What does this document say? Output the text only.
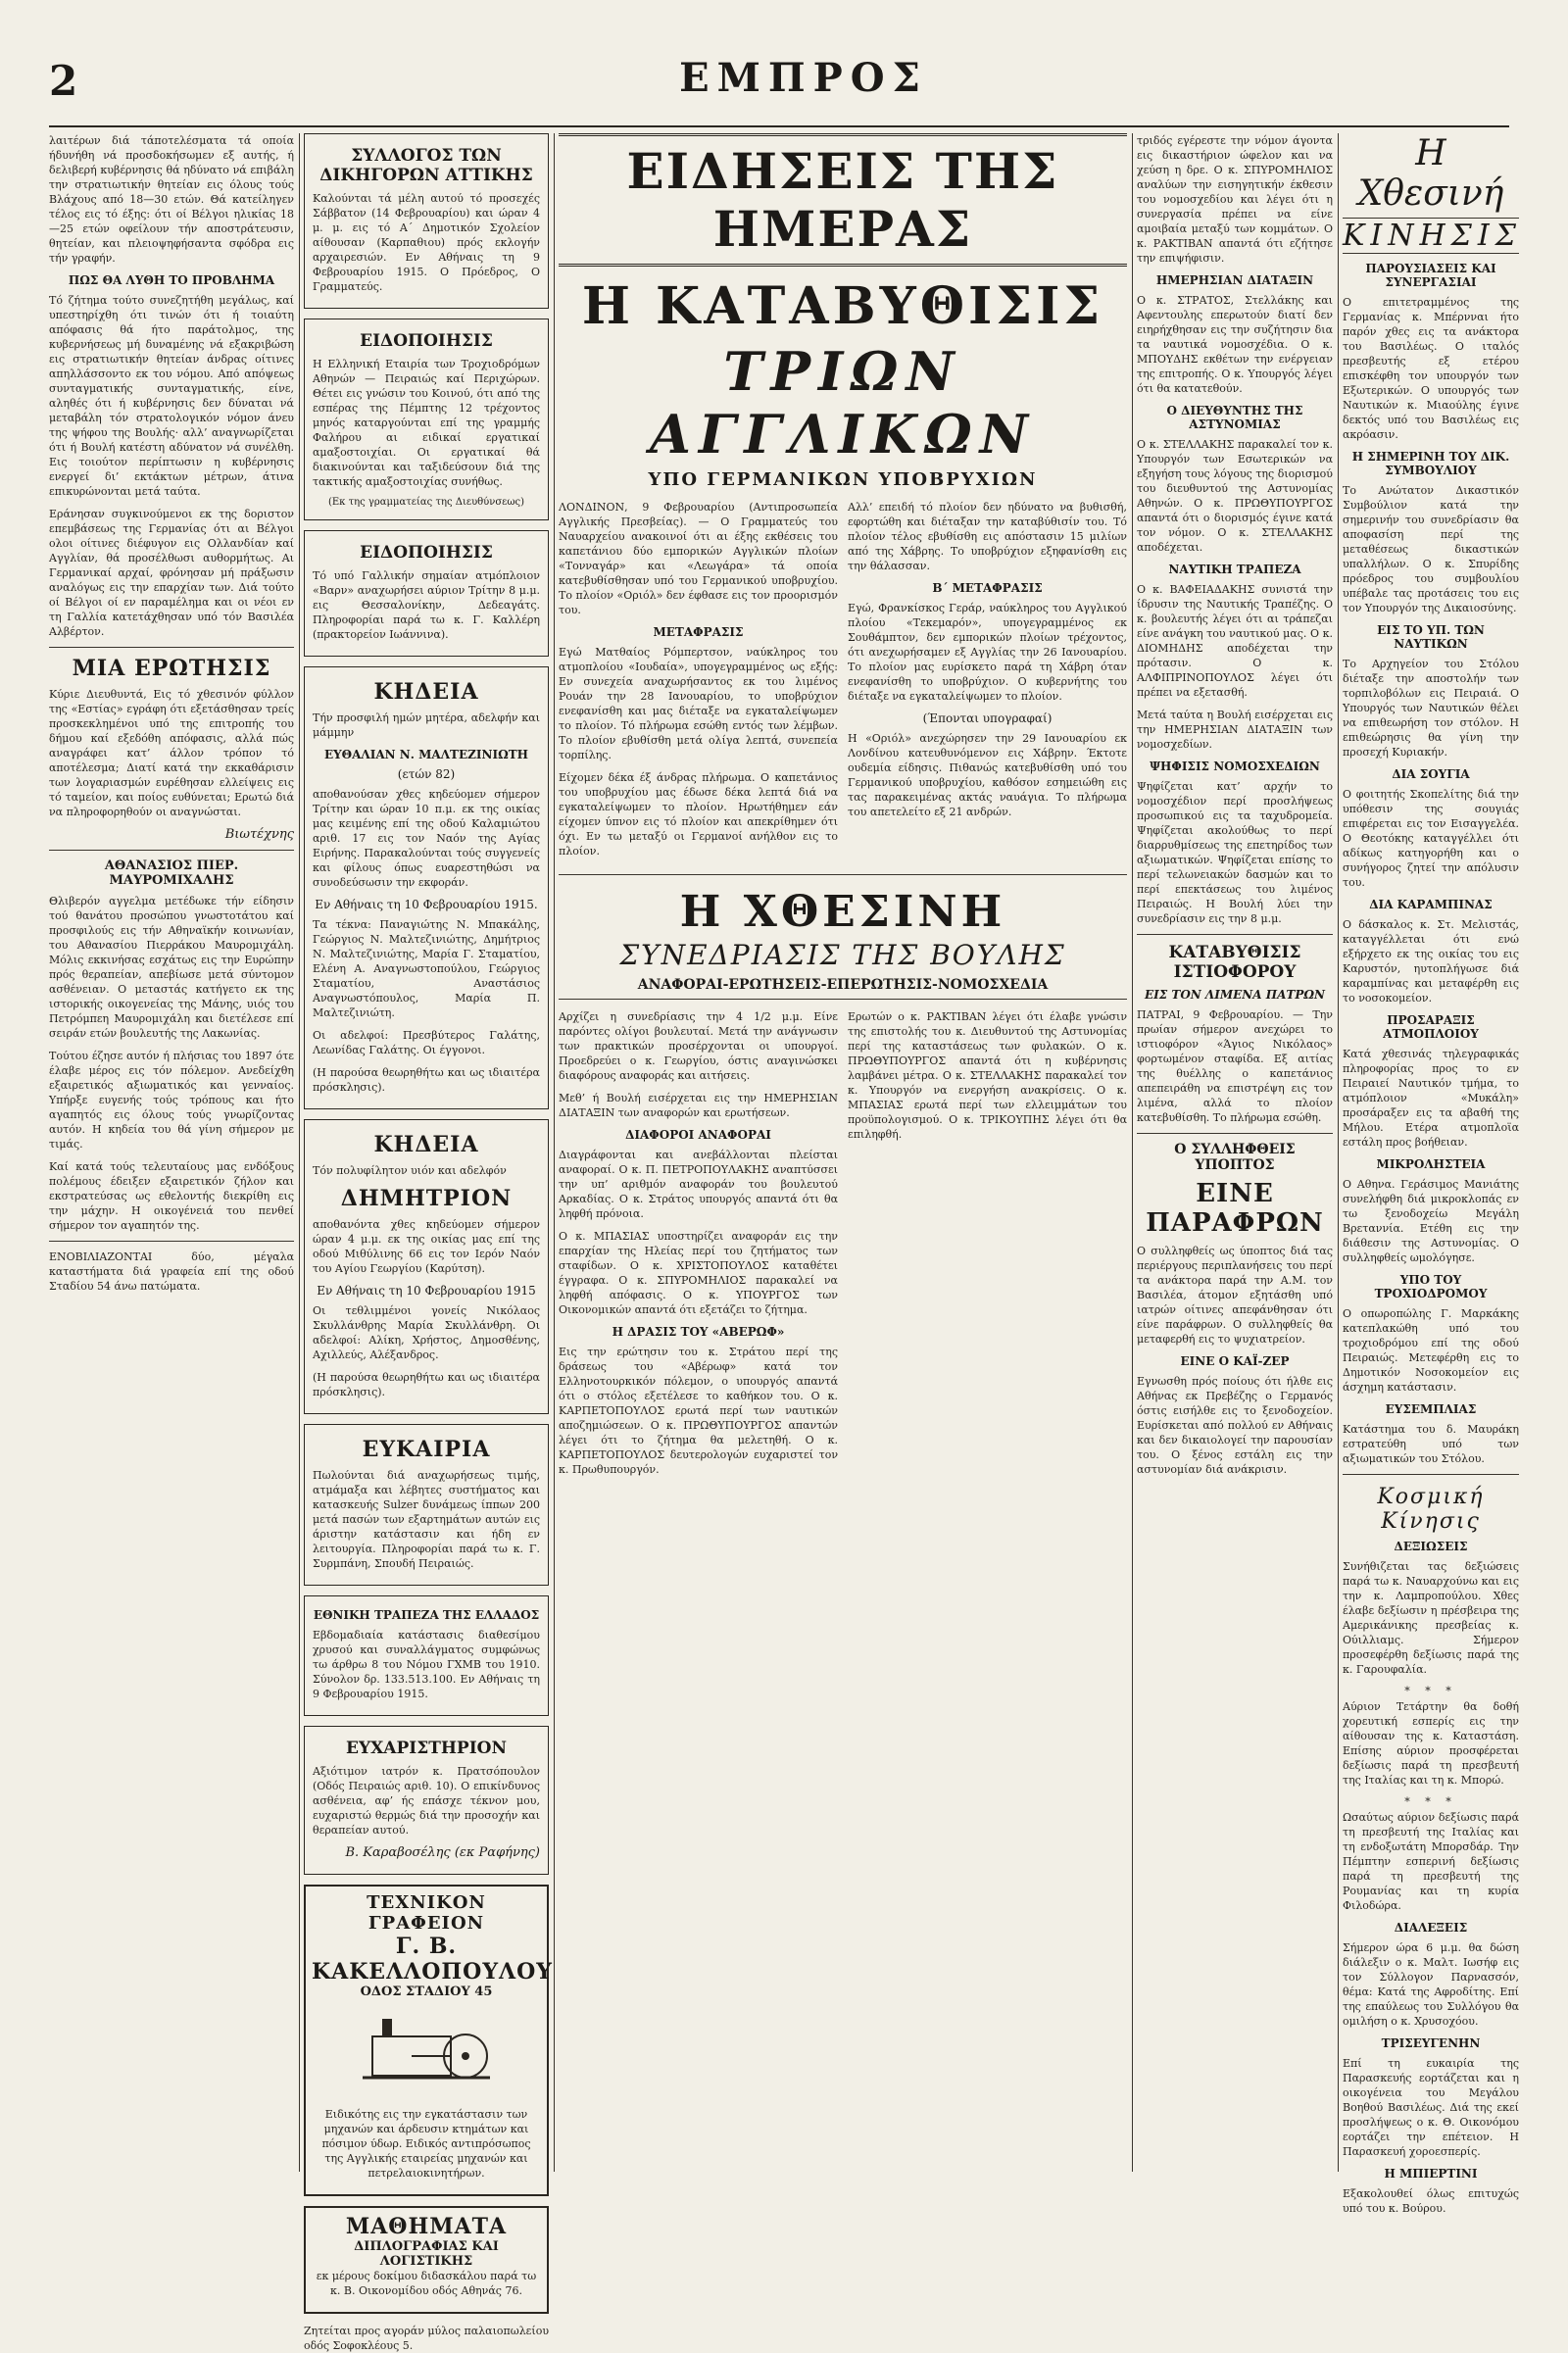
2	ΕΜΠΡΟΣ

λαιτέρων διά τάποτελέσματα τά οποία ήδυνήθη νά προσδοκήσωμεν εξ αυτής, ή δελιβερή κυβέρνησις θά ηδύνατο νά επιβάλη την στρατιωτικήν θητείαν εις όλους τούς Βλάχους από 18—30 ετών. Θά κατείληγεν τέλος εις τό έξης: ότι οί Βέλγοι ηλικίας 18—25 ετών οφείλουν τήν αποστράτευσιν, θητείαν, και πλειοψηφήσαντα σφόδρα εις τήν γραφήν.

ΠΩΣ ΘΑ ΛΥΘΗ ΤΟ ΠΡΟΒΛΗΜΑ

Τό ζήτημα τούτο συνεζητήθη μεγάλως, καί υπεστηρίχθη ότι τινών ότι ή τοιαύτη απόφασις θά ήτο παράτολμος, της κυβερνήσεως μή δυναμένης νά εξακριβώση εις στρατιωτικήν θητείαν άνδρας οίτινες απηλλάσσοντο εκ του νόμου. Από απόψεως συνταγματικής συνταγματικής, είνε, αληθές ότι ή κυβέρνησις δεν δύναται νά μεταβάλη τόν στρατολογικόν νόμον άνευ της ψήφου της Βουλής· αλλ’ αναγνωρίζεται ότι ή Βουλή κατέστη αδύνατον νά συνέλθη. Εις τοιούτον περίπτωσιν η κυβέρνησις ενεργεί δι’ εκτάκτων μέτρων, άτινα επικυρώνονται μετά ταύτα.

Εράνησαν συγκινούμενοι εκ της δοριστον επεμβάσεως της Γερμανίας ότι αι Βέλγοι ολοι οίτινες διέφυγον εις Ολλανδίαν καί Αγγλίαν, θά προσέλθωσι αυθορμήτως. Αι Γερμανικαί αρχαί, φρόνησαν μή πράξωσιν αναλόγως εις την επαρχίαν των. Διά τούτο οί Βέλγοι οί εν παραμέλημα και οι νέοι εν τη Γαλλία κατετάχθησαν υπό τόν Βασιλέα Αλβέρτον.

ΜΙΑ ΕΡΩΤΗΣΙΣ

Κύριε Διευθυντά, Εις τό χθεσινόν φύλλον της «Εστίας» εγράφη ότι εξετάσθησαν τρείς προσκεκλημένοι υπό της επιτροπής του δήμου καί εξεδόθη απόφασις, αλλά πώς αναγράφει κατ’ άλλον τρόπον τό αποτέλεσμα; Διατί κατά την εκκαθάρισιν των λογαριασμών ευρέθησαν ελλείψεις εις τό ταμείον, και ποίος ευθύνεται; Ερωτώ διά να πληροφορηθούν οι αναγνώσται.

Βιωτέχνης
ΑΘΑΝΑΣΙΟΣ ΠΙΕΡ. ΜΑΥΡΟΜΙΧΑΛΗΣ

Θλιβερόν αγγελμα μετέδωκε τήν είδησιν τού θανάτου προσώπου γνωστοτάτου καί προσφιλούς εις τήν Αθηναϊκήν κοινωνίαν, του Αθανασίου Πιερράκου Μαυρομιχάλη. Μόλις εκκινήσας εσχάτως εις την Ευρώπην πρός θεραπείαν, απεβίωσε μετά σύντομον ασθένειαν. Ο μεταστάς κατήγετο εκ της ιστορικής οικογενείας της Μάνης, υιός του Πετρόμπεη Μαυρομιχάλη και διετέλεσε επί σειράν ετών βουλευτής της Λακωνίας.

Τούτου έζησε αυτόν ή πλήσιας του 1897 ότε έλαβε μέρος εις τόν πόλεμον. Ανεδείχθη εξαιρετικός αξιωματικός και γενναίος. Υπήρξε ευγενής τούς τρόπους και ήτο αγαπητός εις όλους τούς γνωρίζοντας αυτόν. Η κηδεία του θά γίνη σήμερον με τιμάς.

Καί κατά τούς τελευταίους μας ενδόξους πολέμους έδειξεν εξαιρετικόν ζήλον και εκστρατεύσας ως εθελοντής διεκρίθη εις την μάχην. Η οικογένειά του πενθεί σήμερον τον αγαπητόν της.

ΕΝΟΒΙΛΙΑΖΟΝΤΑΙ δύο, μέγαλα καταστήματα διά γραφεία επί της οδού Σταδίου 54 άνω πατώματα.

ΣΥΛΛΟΓΟΣ ΤΩΝ ΔΙΚΗΓΟΡΩΝ ΑΤΤΙΚΗΣ

Καλούνται τά μέλη αυτού τό προσεχές Σάββατον (14 Φεβρουαρίου) και ώραν 4 μ. μ. εις τό Α΄ Δημοτικόν Σχολείον αίθουσαν (Καρπαθιου) πρός εκλογήν αρχαιρεσιών. Εν Αθήναις τη 9 Φεβρουαρίου 1915. Ο Πρόεδρος, Ο Γραμματεύς.

ΕΙΔΟΠΟΙΗΣΙΣ

Η Ελληνική Εταιρία των Τροχιοδρόμων Αθηνών — Πειραιώς καί Περιχώρων. Θέτει εις γνώσιν του Κοινού, ότι από της εσπέρας της Πέμπτης 12 τρέχοντος μηνός καταργούνται επί της γραμμής Φαλήρου αι ειδικαί εργατικαί αμαξοστοιχίαι. Οι εργατικαί θά διακινούνται και ταξιδεύσουν διά της τακτικής αμαξοστοιχίας συνήθως.

(Εκ της γραμματείας της Διευθύνσεως)
ΕΙΔΟΠΟΙΗΣΙΣ

Τό υπό Γαλλικήν σημαίαν ατμόπλοιον «Βαρν» αναχωρήσει αύριον Τρίτην 8 μ.μ. εις Θεσσαλονίκην, Δεδεαγάτς. Πληροφορίαι παρά τω κ. Γ. Καλλέρη (πρακτορείον Ιωάννινα).

ΚΗΔΕΙΑ

Τήν προσφιλή ημών μητέρα, αδελφήν και μάμμην

ΕΥΘΑΛΙΑΝ Ν. ΜΑΛΤΕΖΙΝΙΩΤΗ
(ετών 82)

αποθανούσαν χθες κηδεύομεν σήμερον Τρίτην και ώραν 10 π.μ. εκ της οικίας μας κειμένης επί της οδού Καλαμιώτου αριθ. 17 εις τον Ναόν της Αγίας Ειρήνης. Παρακαλούνται τούς συγγενείς και φίλους όπως ευαρεστηθώσι να συνοδεύσωσιν την εκφοράν.

Εν Αθήναις τη 10 Φεβρουαρίου 1915.

Τα τέκνα: Παναγιώτης Ν. Μπακάλης, Γεώργιος Ν. Μαλτεζινιώτης, Δημήτριος Ν. Μαλτεζινιώτης, Μαρία Γ. Σταματίου, Ελένη Α. Αναγνωστοπούλου, Γεώργιος Σταματίου, Αναστάσιος Αναγνωστόπουλος, Μαρία Π. Μαλτεζινιώτη.

Οι αδελφοί: Πρεσβύτερος Γαλάτης, Λεωνίδας Γαλάτης. Οι έγγονοι.

(Η παρούσα θεωρηθήτω και ως ιδιαιτέρα πρόσκλησις).

ΚΗΔΕΙΑ

Τόν πολυφίλητον υιόν και αδελφόν

ΔΗΜΗΤΡΙΟΝ

αποθανόντα χθες κηδεύομεν σήμερον ώραν 4 μ.μ. εκ της οικίας μας επί της οδού Μιθύλινης 66 εις τον Ιερόν Ναόν του Αγίου Γεωργίου (Καρύτση).

Εν Αθήναις τη 10 Φεβρουαρίου 1915

Οι τεθλιμμένοι γονείς Νικόλαος Σκυλλάνθρης Μαρία Σκυλλάνθρη. Οι αδελφοί: Αλίκη, Χρήστος, Δημοσθένης, Αχιλλεύς, Αλέξανδρος.

(Η παρούσα θεωρηθήτω και ως ιδιαιτέρα πρόσκλησις).

ΕΥΚΑΙΡΙΑ

Πωλούνται διά αναχωρήσεως τιμής, ατμάμαξα και λέβητες συστήματος και κατασκευής Sulzer δυνάμεως ίππων 200 μετά πασών των εξαρτημάτων αυτών εις άριστην κατάστασιν και ήδη εν λειτουργία. Πληροφορίαι παρά τω κ. Γ. Συρμπάνη, Σπουδή Πειραιώς.

ΕΘΝΙΚΗ ΤΡΑΠΕΖΑ ΤΗΣ ΕΛΛΑΔΟΣ

Εβδομαδιαία κατάστασις διαθεσίμου χρυσού και συναλλάγματος συμφώνως τω άρθρω 8 του Νόμου ΓΧΜΒ του 1910. Σύνολον δρ. 133.513.100. Εν Αθήναις τη 9 Φεβρουαρίου 1915.

ΕΥΧΑΡΙΣΤΗΡΙΟΝ

Αξιότιμον ιατρόν κ. Πρατσόπουλον (Οδός Πειραιώς αριθ. 10). Ο επικίνδυνος ασθένεια, αφ’ ής επάσχε τέκνον μου, ευχαριστώ θερμώς διά την προσοχήν και θεραπείαν αυτού.

Β. Καραβοσέλης (εκ Ραφήνης)
ΤΕΧΝΙΚΟΝ ΓΡΑΦΕΙΟΝ
Γ. Β. ΚΑΚΕΛΛΟΠΟΥΛΟΥ
ΟΔΟΣ ΣΤΑΔΙΟΥ 45

Ειδικότης εις την εγκατάστασιν των μηχανών και άρδευσιν κτημάτων και πόσιμον ύδωρ. Ειδικός αντιπρόσωπος της Αγγλικής εταιρείας μηχανών και πετρελαιοκινητήρων.

ΜΑΘΗΜΑΤΑ
ΔΙΠΛΟΓΡΑΦΙΑΣ ΚΑΙ ΛΟΓΙΣΤΙΚΗΣ

εκ μέρους δοκίμου διδασκάλου παρά τω κ. Β. Οικονομίδου οδός Αθηνάς 76.

Ζητείται προς αγοράν μύλος παλαιοπωλείου οδός Σοφοκλέους 5.

ΕΙΔΗΣΕΙΣ ΤΗΣ ΗΜΕΡΑΣ
Η ΚΑΤΑΒΥΘΙΣΙΣ
ΤΡΙΩΝ ΑΓΓΛΙΚΩΝ
ΥΠΟ ΓΕΡΜΑΝΙΚΩΝ ΥΠΟΒΡΥΧΙΩΝ

ΛΟΝΔΙΝΟΝ, 9 Φεβρουαρίου (Αντιπροσωπεία Αγγλικής Πρεσβείας). — Ο Γραμματεύς του Ναυαρχείου ανακοινοί ότι αι έξης εκθέσεις του καπετάνιου δύο εμπορικών Αγγλικών πλοίων «Τονναγάρ» και «Λεωγάρα» τά οποία κατεβυθίσθησαν υπό του Γερμανικού υποβρυχίου. Το πλοίον «Οριόλ» δεν έφθασε εις τον προορισμόν του.

ΜΕΤΑΦΡΑΣΙΣ

Εγώ Ματθαίος Ρόμπερτσον, ναύκληρος του ατμοπλοίου «Ιουδαία», υπογεγραμμένος ως εξής: Εν συνεχεία αναχωρήσαντος εκ του λιμένος Ρουάν την 28 Ιανουαρίου, το υποβρύχιον ενεφανίσθη και μας διέταξε να εγκαταλείψωμεν το πλοίον. Τό πλήρωμα εσώθη εντός των λέμβων. Το πλοίον εβυθίσθη μετά ολίγα λεπτά, συνεπεία τορπίλης.

Είχομεν δέκα έξ άνδρας πλήρωμα. Ο καπετάνιος του υποβρυχίου μας έδωσε δέκα λεπτά διά να εγκαταλείψωμεν το πλοίον. Ηρωτήθημεν εάν είχομεν ύπνον εις τό πλοίον και απεκρίθημεν ότι όχι. Εν τω μεταξύ οι Γερμανοί ανήλθον εις το πλοίον.

Αλλ’ επειδή τό πλοίον δεν ηδύνατο να βυθισθή, εφορτώθη και διέταξαν την καταβύθισίν του. Τό πλοίον τέλος εβυθίσθη εις απόστασιν 15 μιλίων από της Χάβρης. Το υποβρύχιον εξηφανίσθη εις την θάλασσαν.

Β΄ ΜΕΤΑΦΡΑΣΙΣ

Εγώ, Φρανκίσκος Γεράρ, ναύκληρος του Αγγλικού πλοίου «Τεκεμαρόν», υπογεγραμμένος εκ Σουθάμπτον, δεν εμπορικών πλοίων τρέχοντος, ότι ανεχωρήσαμεν εξ Αγγλίας την 26 Ιανουαρίου. Το πλοίον μας ευρίσκετο παρά τη Χάβρη όταν ενεφανίσθη το υποβρύχιον. Ο κυβερνήτης του διέταξε να εγκαταλείψωμεν το πλοίον.

(Έπονται υπογραφαί)

Η «Οριόλ» ανεχώρησεν την 29 Ιανουαρίου εκ Λονδίνου κατευθυνόμενον εις Χάβρην. Έκτοτε ουδεμία είδησις. Πιθανώς κατεβυθίσθη υπό του Γερμανικού υποβρυχίου, καθόσον εσημειώθη εις τας παρακειμένας ακτάς ναυάγια. Το πλήρωμα του απετελείτο εξ 21 ανδρών.

Η ΧΘΕΣΙΝΗ
ΣΥΝΕΔΡΙΑΣΙΣ ΤΗΣ ΒΟΥΛΗΣ
ΑΝΑΦΟΡΑΙ-ΕΡΩΤΗΣΕΙΣ-ΕΠΕΡΩΤΗΣΙΣ-ΝΟΜΟΣΧΕΔΙΑ

Αρχίζει η συνεδρίασις την 4 1/2 μ.μ. Είνε παρόντες ολίγοι βουλευταί. Μετά την ανάγνωσιν των πρακτικών προσέρχονται οι υπουργοί. Προεδρεύει ο κ. Γεωργίου, όστις αναγινώσκει διαφόρους αναφοράς και αιτήσεις.

Μεθ’ ή Βουλή εισέρχεται εις την ΗΜΕΡΗΣΙΑΝ ΔΙΑΤΑΞΙΝ των αναφορών και ερωτήσεων.

ΔΙΑΦΟΡΟΙ ΑΝΑΦΟΡΑΙ

Διαγράφονται και ανεβάλλονται πλείσται αναφοραί. Ο κ. Π. ΠΕΤΡΟΠΟΥΛΑΚΗΣ αναπτύσσει την υπ’ αριθμόν αναφοράν του βουλευτού Αρκαδίας. Ο κ. Στράτος υπουργός απαντά ότι θα ληφθή πρόνοια.

Ο κ. ΜΠΑΣΙΑΣ υποστηρίζει αναφοράν εις την επαρχίαν της Ηλείας περί του ζητήματος των σταφίδων. Ο κ. ΧΡΙΣΤΟΠΟΥΛΟΣ καταθέτει έγγραφα. Ο κ. ΣΠΥΡΟΜΗΛΙΟΣ παρακαλεί να ληφθή απόφασις. Ο κ. ΥΠΟΥΡΓΟΣ των Οικονομικών απαντά ότι εξετάζει το ζήτημα.

Η ΔΡΑΣΙΣ ΤΟΥ «ΑΒΕΡΩΦ»

Εις την ερώτησιν του κ. Στράτου περί της δράσεως του «Αβέρωφ» κατά τον Ελληνοτουρκικόν πόλεμον, ο υπουργός απαντά ότι ο στόλος εξετέλεσε το καθήκον του. Ο κ. ΚΑΡΠΕΤΟΠΟΥΛΟΣ ερωτά περί των ναυτικών αποζημιώσεων. Ο κ. ΠΡΩΘΥΠΟΥΡΓΟΣ απαντών λέγει ότι το ζήτημα θα μελετηθή. Ο κ. ΚΑΡΠΕΤΟΠΟΥΛΟΣ δευτερολογών ευχαριστεί τον κ. Πρωθυπουργόν.

Ερωτών ο κ. ΡΑΚΤΙΒΑΝ λέγει ότι έλαβε γνώσιν της επιστολής του κ. Διευθυντού της Αστυνομίας περί της καταστάσεως των φυλακών. Ο κ. ΠΡΩΘΥΠΟΥΡΓΟΣ απαντά ότι η κυβέρνησις λαμβάνει μέτρα. Ο κ. ΣΤΕΛΛΑΚΗΣ παρακαλεί τον κ. Υπουργόν να ενεργήση ανακρίσεις. Ο κ. ΜΠΑΣΙΑΣ ερωτά περί των ελλειμμάτων του προϋπολογισμού. Ο κ. ΤΡΙΚΟΥΠΗΣ λέγει ότι θα επιληφθή.

τριδός εγέρεστε την νόμον άγοντα εις δικαστήριον ώφελον και να χεύση η δρε. Ο κ. ΣΠΥΡΟΜΗΛΙΟΣ αναλύων την εισηγητικήν έκθεσιν του νομοσχεδίου και λέγει ότι η συνεργασία πρέπει να είνε αμοιβαία μεταξύ των κομμάτων. Ο κ. ΡΑΚΤΙΒΑΝ απαντά ότι εζήτησε την επιψήφισιν.

ΗΜΕΡΗΣΙΑΝ ΔΙΑΤΑΞΙΝ

Ο κ. ΣΤΡΑΤΟΣ, Στελλάκης και Αφεντουλης επερωτούν διατί δεν ειηρήχθησαν εις την συζήτησιν δια τα ναυτικά νομοσχέδια. Ο κ. ΜΠΟΥΔΗΣ εκθέτων την ενέργειαν της επιτροπής. Ο κ. Υπουργός λέγει ότι θα κατατεθούν.

Ο ΔΙΕΥΘΥΝΤΗΣ ΤΗΣ ΑΣΤΥΝΟΜΙΑΣ

Ο κ. ΣΤΕΛΛΑΚΗΣ παρακαλεί τον κ. Υπουργόν των Εσωτερικών να εξηγήση τους λόγους της διορισμού του διευθυντού της Αστυνομίας Αθηνών. Ο κ. ΠΡΩΘΥΠΟΥΡΓΟΣ απαντά ότι ο διορισμός έγινε κατά τον νόμον. Ο κ. ΣΤΕΛΛΑΚΗΣ αποδέχεται.

ΝΑΥΤΙΚΗ ΤΡΑΠΕΖΑ

Ο κ. ΒΑΦΕΙΑΔΑΚΗΣ συνιστά την ίδρυσιν της Ναυτικής Τραπέζης. Ο κ. βουλευτής λέγει ότι αι τράπεζαι είνε ανάγκη του ναυτικού μας. Ο κ. ΔΙΟΜΗΔΗΣ αποδέχεται την πρότασιν. Ο κ. ΑΛΦΙΠΡΙΝΟΠΟΥΛΟΣ λέγει ότι πρέπει να εξετασθή.

Μετά ταύτα η Βουλή εισέρχεται εις την ΗΜΕΡΗΣΙΑΝ ΔΙΑΤΑΞΙΝ των νομοσχεδίων.

ΨΗΦΙΣΙΣ ΝΟΜΟΣΧΕΔΙΩΝ

Ψηφίζεται κατ’ αρχήν το νομοσχέδιον περί προσλήψεως προσωπικού εις τα ταχυδρομεία. Ψηφίζεται ακολούθως το περί διαρρυθμίσεως της επετηρίδος των αξιωματικών. Ψηφίζεται επίσης το περί τελωνειακών δασμών και το περί επεκτάσεως του λιμένος Πειραιώς. Η Βουλή λύει την συνεδρίασιν εις την 8 μ.μ.

ΚΑΤΑΒΥΘΙΣΙΣ ΙΣΤΙΟΦΟΡΟΥ
ΕΙΣ ΤΟΝ ΛΙΜΕΝΑ ΠΑΤΡΩΝ

ΠΑΤΡΑΙ, 9 Φεβρουαρίου. — Την πρωίαν σήμερον ανεχώρει το ιστιοφόρον «Άγιος Νικόλαος» φορτωμένον σταφίδα. Εξ αιτίας της θυέλλης ο καπετάνιος απεπειράθη να επιστρέψη εις τον λιμένα, αλλά το πλοίον κατεβυθίσθη. Το πλήρωμα εσώθη.

Ο ΣΥΛΛΗΦΘΕΙΣ ΥΠΟΠΤΟΣ
ΕΙΝΕ ΠΑΡΑΦΡΩΝ

Ο συλληφθείς ως ύποπτος διά τας περιέργους περιπλανήσεις του περί τα ανάκτορα παρά την Α.Μ. τον Βασιλέα, άτομον εξητάσθη υπό ιατρών οίτινες απεφάνθησαν ότι είνε παράφρων. Ο συλληφθείς θα μεταφερθή εις το ψυχιατρείον.

ΕΙΝΕ Ο ΚΑΪ-ΖΕΡ

Εγνωσθη πρός ποίους ότι ήλθε εις Αθήνας εκ Πρεβέζης ο Γερμανός όστις εισήλθε εις το ξενοδοχείον. Ευρίσκεται από πολλού εν Αθήναις και δεν δικαιολογεί την παρουσίαν του. Ο ξένος εστάλη εις την αστυνομίαν διά ανάκρισιν.

Η Χθεσινή
ΚΙΝΗΣΙΣ
ΠΑΡΟΥΣΙΑΣΕΙΣ ΚΑΙ ΣΥΝΕΡΓΑΣΙΑΙ

Ο επιτετραμμένος της Γερμανίας κ. Μπέρνναι ήτο παρόν χθες εις τα ανάκτορα του Βασιλέως. Ο ιταλός πρεσβευτής εξ ετέρου επισκέφθη τον υπουργόν των Εξωτερικών. Ο υπουργός των Ναυτικών κ. Μιαούλης έγινε δεκτός υπό του Βασιλέως εις ακρόασιν.

Η ΣΗΜΕΡΙΝΗ ΤΟΥ ΔΙΚ. ΣΥΜΒΟΥΛΙΟΥ

Το Ανώτατον Δικαστικόν Συμβούλιον κατά την σημερινήν του συνεδρίασιν θα αποφασίση περί της μεταθέσεως δικαστικών υπαλλήλων. Ο κ. Σπυρίδης πρόεδρος του συμβουλίου υπέβαλε τας προτάσεις του εις τον Υπουργόν της Δικαιοσύνης.

ΕΙΣ ΤΟ ΥΠ. ΤΩΝ ΝΑΥΤΙΚΩΝ

Το Αρχηγείον του Στόλου διέταξε την αποστολήν των τορπιλοβόλων εις Πειραιά. Ο Υπουργός των Ναυτικών θέλει να επιθεωρήση τον στόλον. Η επιθεώρησις θα γίνη την προσεχή Κυριακήν.

ΔΙΑ ΣΟΥΓΙΑ

Ο φοιτητής Σκοπελίτης διά την υπόθεσιν της σουγιάς επιφέρεται εις τον Εισαγγελέα. Ο Θεοτόκης καταγγέλλει ότι αδίκως κατηγορήθη και ο συνήγορος ζητεί την απόλυσιν του.

ΔΙΑ ΚΑΡΑΜΠΙΝΑΣ

Ο δάσκαλος κ. Στ. Μελιστάς, καταγγέλλεται ότι ενώ εξήρχετο εκ της οικίας του εις Καρυστόν, ηυτοπλήγωσε διά καραμπίνας και μεταφέρθη εις το νοσοκομείον.

ΠΡΟΣΑΡΑΞΙΣ ΑΤΜΟΠΛΟΙΟΥ

Κατά χθεσινάς τηλεγραφικάς πληροφορίας προς το εν Πειραιεί Ναυτικόν τμήμα, το ατμόπλοιον «Μυκάλη» προσάραξεν εις τα αβαθή της Μήλου. Ετέρα ατμοπλοϊα εστάλη προς βοήθειαν.

ΜΙΚΡΟΛΗΣΤΕΙΑ

Ο Αθηνα. Γεράσιμος Μανιάτης συνελήφθη διά μικροκλοπάς εν τω ξενοδοχείω Μεγάλη Βρεταννία. Ετέθη εις την διάθεσιν της Αστυνομίας. Ο συλληφθείς ωμολόγησε.

ΥΠΟ ΤΟΥ ΤΡΟΧΙΟΔΡΟΜΟΥ

Ο οπωροπώλης Γ. Μαρκάκης κατεπλακώθη υπό του τροχιοδρόμου επί της οδού Πειραιώς. Μετεφέρθη εις το Δημοτικόν Νοσοκομείον εις άσχημη κατάστασιν.

ΕΥΣΕΜΠΛΙΑΣ

Κατάστημα του δ. Μαυράκη εστρατεύθη υπό των αξιωματικών του Στόλου.

Κοσμική Κίνησις
ΔΕΞΙΩΣΕΙΣ

Συνήθιζεται τας δεξιώσεις παρά τω κ. Ναυαρχούνω και εις την κ. Λαμπροπούλου. Χθες έλαβε δεξίωσιν η πρέσβειρα της Αμερικάνικης πρεσβείας κ. Ούιλλιαμς. Σήμερον προσεφέρθη δεξίωσις παρά της κ. Γαρουφαλία.

* * *

Αύριον Τετάρτην θα δοθή χορευτική εσπερίς εις την αίθουσαν της κ. Καταστάση. Επίσης αύριον προσφέρεται δεξίωσις παρά τη πρεσβευτή της Ιταλίας και τη κ. Μπορώ.

* * *

Ωσαύτως αύριον δεξίωσις παρά τη πρεσβευτή της Ιταλίας και τη ενδοξωτάτη Μπορσδάρ. Την Πέμπτην εσπερινή δεξίωσις παρά τη πρεσβευτή της Ρουμανίας και τη κυρία Φιλοδώρα.

ΔΙΑΛΕΞΕΙΣ

Σήμερον ώρα 6 μ.μ. θα δώση διάλεξιν ο κ. Μαλτ. Ιωσήφ εις τον Σύλλογον Παρνασσόν, θέμα: Κατά της Αφροδίτης. Επί της επαύλεως του Συλλόγου θα ομιλήση ο κ. Χρυσοχόου.

ΤΡΙΣΕΥΓΕΝΗΝ

Επί τη ευκαιρία της Παρασκευής εορτάζεται και η οικογένεια του Μεγάλου Βοηθού Βασιλέως. Διά της εκεί προσλήψεως ο κ. Θ. Οικονόμου εορτάζει την επέτειον. Η Παρασκευή χοροεσπερίς.

Η ΜΠΙΕΡΤΙΝΙ

Εξακολουθεί όλως επιτυχώς υπό του κ. Βούρου.
